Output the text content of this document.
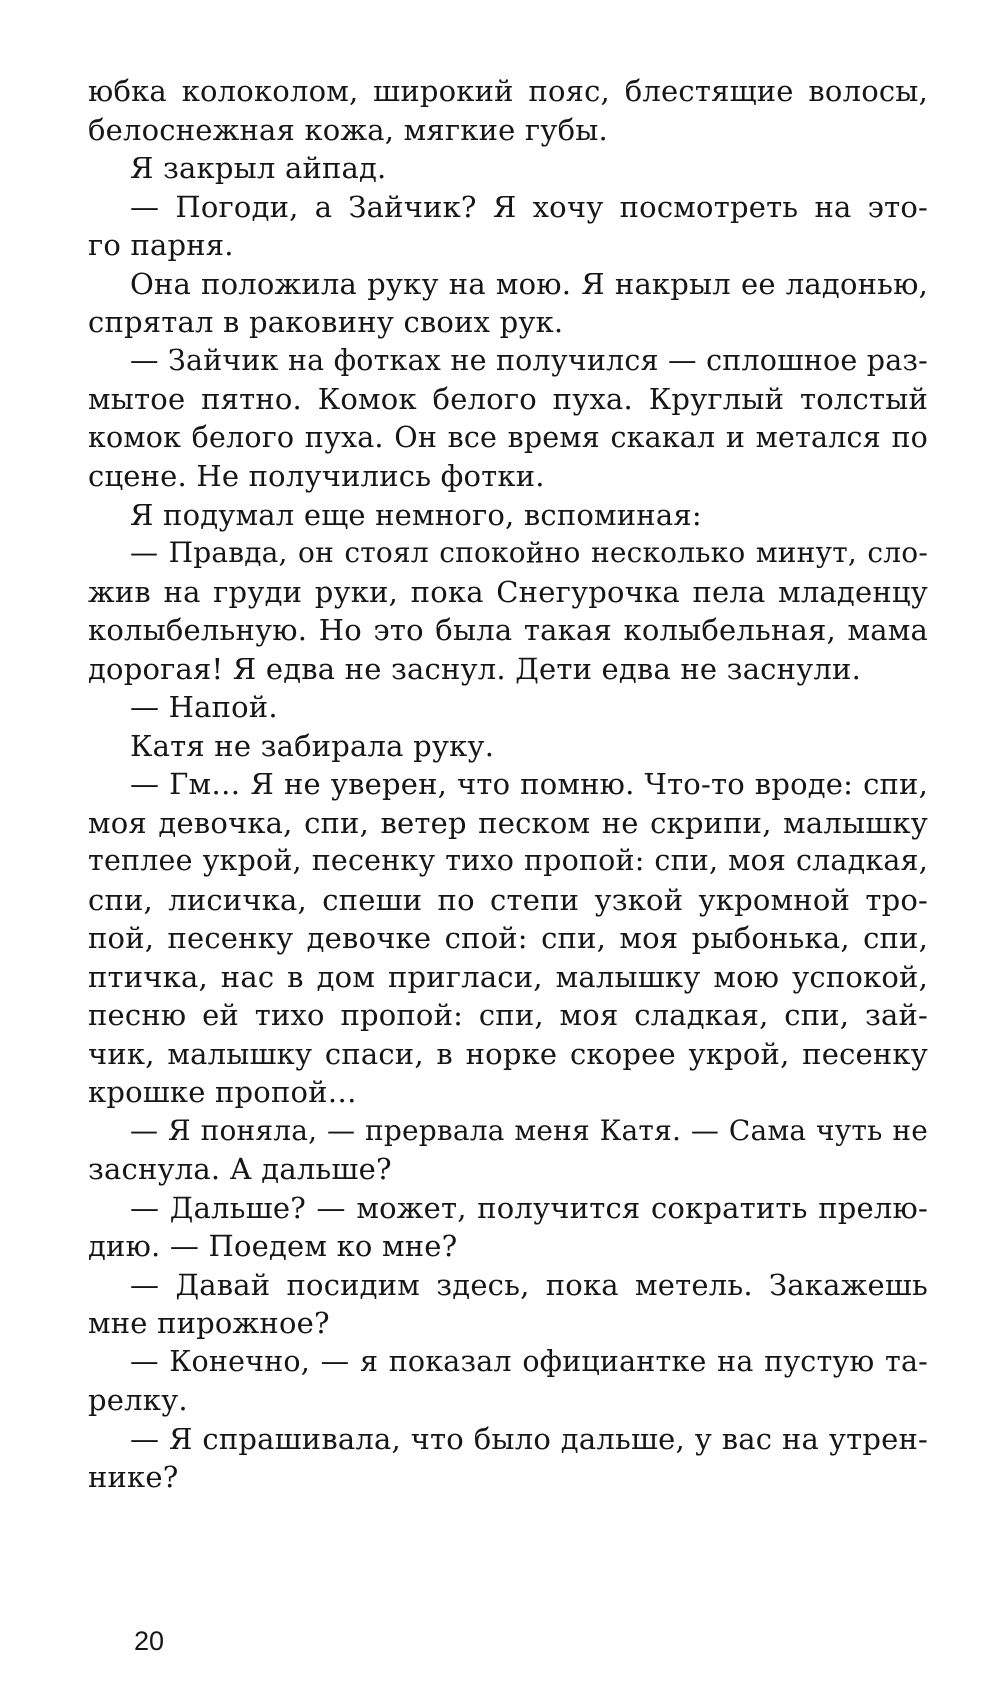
юбка колоколом, широкий пояс, блестящие волосы,
белоснежная кожа, мягкие губы.
Я закрыл айпад.
— Погоди, а Зайчик? Я хочу посмотреть на это-
го парня.
Она положила руку на мою. Я накрыл ее ладонью,
спрятал в раковину своих рук.
— Зайчик на фотках не получился — сплошное раз-
мытое пятно. Комок белого пуха. Круглый толстый
комок белого пуха. Он все время скакал и метался по
сцене. Не получились фотки.
Я подумал еще немного, вспоминая:
— Правда, он стоял спокойно несколько минут, сло-
жив на груди руки, пока Снегурочка пела младенцу
колыбельную. Но это была такая колыбельная, мама
дорогая! Я едва не заснул. Дети едва не заснули.
— Напой.
Катя не забирала руку.
— Гм… Я не уверен, что помню. Что-то вроде: спи,
моя девочка, спи, ветер песком не скрипи, малышку
теплее укрой, песенку тихо пропой: спи, моя сладкая,
спи, лисичка, спеши по степи узкой укромной тро-
пой, песенку девочке спой: спи, моя рыбонька, спи,
птичка, нас в дом пригласи, малышку мою успокой,
песню ей тихо пропой: спи, моя сладкая, спи, зай-
чик, малышку спаси, в норке скорее укрой, песенку
крошке пропой…
— Я поняла, — прервала меня Катя. — Сама чуть не
заснула. А дальше?
— Дальше? — может, получится сократить прелю-
дию. — Поедем ко мне?
— Давай посидим здесь, пока метель. Закажешь
мне пирожное?
— Конечно, — я показал официантке на пустую та-
релку.
— Я спрашивала, что было дальше, у вас на утрен-
нике?
20
